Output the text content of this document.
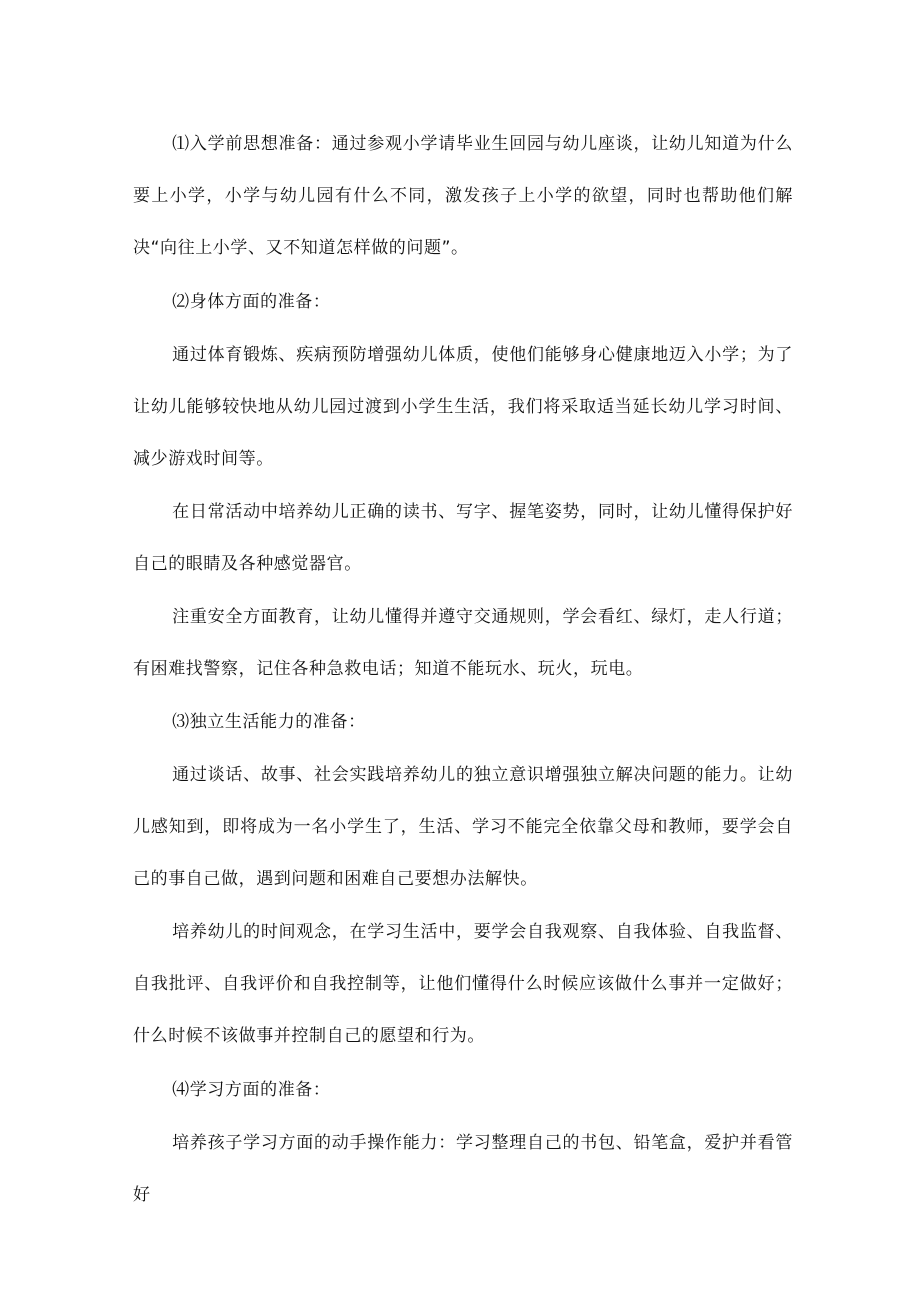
⑴入学前思想准备：通过参观小学请毕业生回园与幼儿座谈，让幼儿知道为什么要上小学，小学与幼儿园有什么不同，激发孩子上小学的欲望，同时也帮助他们解决“向往上小学、又不知道怎样做的问题”。

⑵身体方面的准备：

通过体育锻炼、疾病预防增强幼儿体质，使他们能够身心健康地迈入小学；为了让幼儿能够较快地从幼儿园过渡到小学生生活，我们将采取适当延长幼儿学习时间、减少游戏时间等。

在日常活动中培养幼儿正确的读书、写字、握笔姿势，同时，让幼儿懂得保护好自己的眼睛及各种感觉器官。

注重安全方面教育，让幼儿懂得并遵守交通规则，学会看红、绿灯，走人行道；有困难找警察，记住各种急救电话；知道不能玩水、玩火，玩电。

⑶独立生活能力的准备：

通过谈话、故事、社会实践培养幼儿的独立意识增强独立解决问题的能力。让幼儿感知到，即将成为一名小学生了，生活、学习不能完全依靠父母和教师，要学会自己的事自己做，遇到问题和困难自己要想办法解快。

培养幼儿的时间观念，在学习生活中，要学会自我观察、自我体验、自我监督、自我批评、自我评价和自我控制等，让他们懂得什么时候应该做什么事并一定做好；什么时候不该做事并控制自己的愿望和行为。

⑷学习方面的准备：

培养孩子学习方面的动手操作能力：学习整理自己的书包、铅笔盒，爱护并看管好
